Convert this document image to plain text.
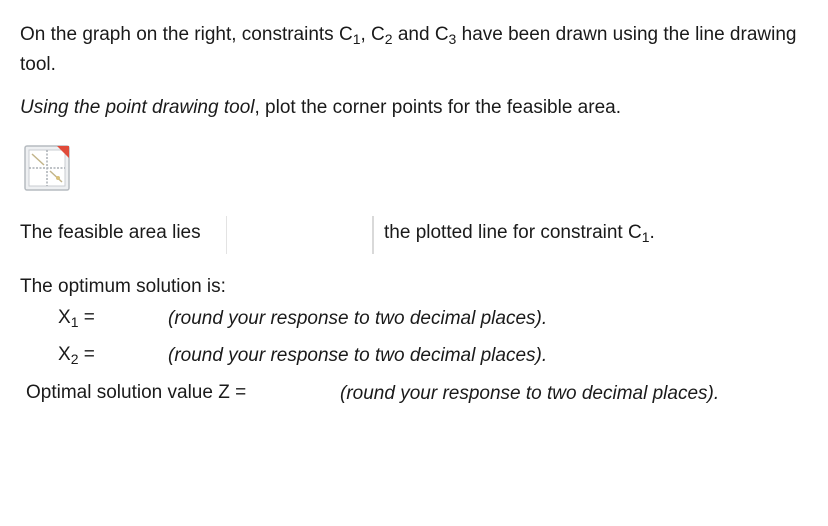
On the graph on the right, constraints $C_1$, $C_2$ and $C_3$ have been drawn using the line drawing tool.
Using the point drawing tool, plot the corner points for the feasible area.
The feasible area lies	the plotted line for constraint $C_1$.
The optimum solution is:
$X_1$ =	(round your response to two decimal places).
$X_2$ =	(round your response to two decimal places).
Optimal solution value Z =	(round your response to two decimal places).
